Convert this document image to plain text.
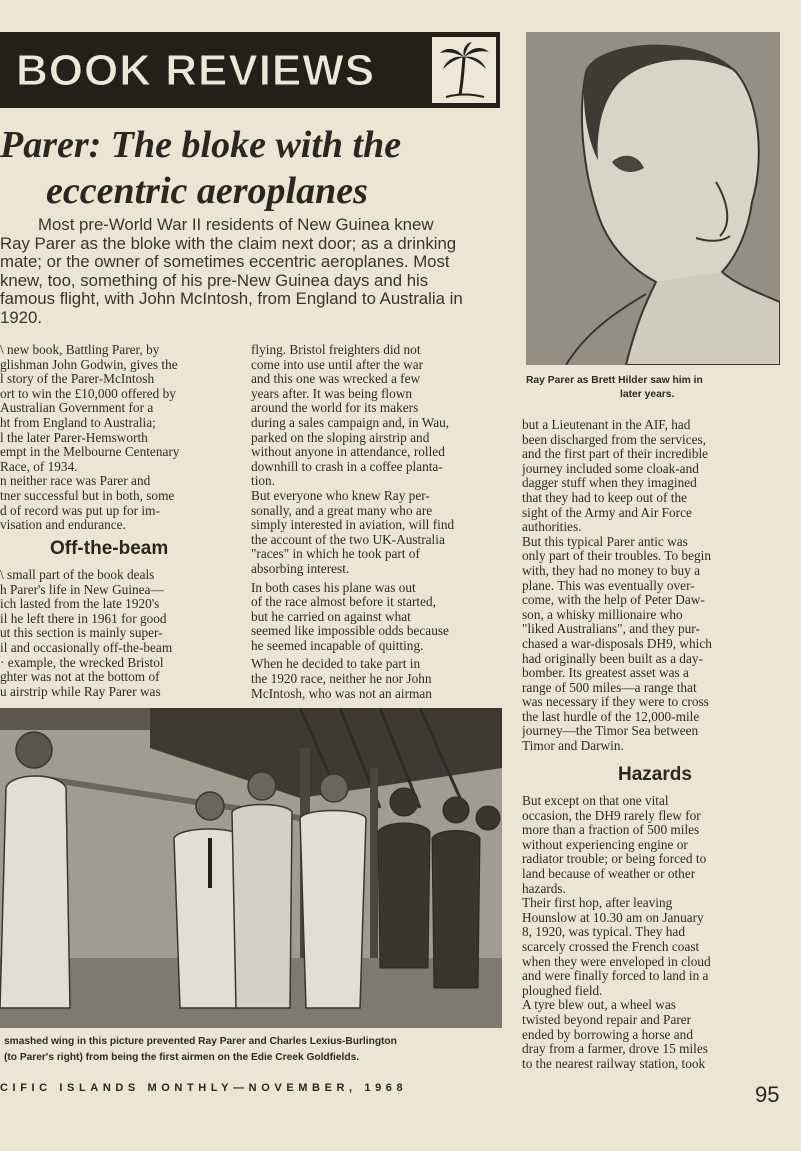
BOOK REVIEWS
Parer: The bloke with the
eccentric aeroplanes
Most pre-World War II residents of New Guinea knew
Ray Parer as the bloke with the claim next door; as a drinking
mate; or the owner of sometimes eccentric aeroplanes. Most
knew, too, something of his pre-New Guinea days and his
famous flight, with John McIntosh, from England to Australia in
1920.

\ new book, Battling Parer, by

glishman John Godwin, gives the

l story of the Parer-McIntosh

ort to win the £10,000 offered by

Australian Government for a

ht from England to Australia;

l the later Parer-Hemsworth

empt in the Melbourne Centenary

Race, of 1934.

n neither race was Parer and

tner successful but in both, some

d of record was put up for im-

visation and endurance.

Off-the-beam

\ small part of the book deals

h Parer's life in New Guinea—

ich lasted from the late 1920's

il he left there in 1961 for good

ut this section is mainly super-

il and occasionally off-the-beam

· example, the wrecked Bristol

ghter was not at the bottom of

u airstrip while Ray Parer was

flying. Bristol freighters did not

come into use until after the war

and this one was wrecked a few

years after. It was being flown

around the world for its makers

during a sales campaign and, in Wau,

parked on the sloping airstrip and

without anyone in attendance, rolled

downhill to crash in a coffee planta-

tion.

But everyone who knew Ray per-

sonally, and a great many who are

simply interested in aviation, will find

the account of the two UK-Australia

"races" in which he took part of

absorbing interest.

In both cases his plane was out

of the race almost before it started,

but he carried on against what

seemed like impossible odds because

he seemed incapable of quitting.

When he decided to take part in

the 1920 race, neither he nor John

McIntosh, who was not an airman

Ray Parer as Brett Hilder saw him in
later years.

but a Lieutenant in the AIF, had

been discharged from the services,

and the first part of their incredible

journey included some cloak-and

dagger stuff when they imagined

that they had to keep out of the

sight of the Army and Air Force

authorities.

But this typical Parer antic was

only part of their troubles. To begin

with, they had no money to buy a

plane. This was eventually over-

come, with the help of Peter Daw-

son, a whisky millionaire who

"liked Australians", and they pur-

chased a war-disposals DH9, which

had originally been built as a day-

bomber. Its greatest asset was a

range of 500 miles—a range that

was necessary if they were to cross

the last hurdle of the 12,000-mile

journey—the Timor Sea between

Timor and Darwin.

Hazards

But except on that one vital

occasion, the DH9 rarely flew for

more than a fraction of 500 miles

without experiencing engine or

radiator trouble; or being forced to

land because of weather or other

hazards.

Their first hop, after leaving

Hounslow at 10.30 am on January

8, 1920, was typical. They had

scarcely crossed the French coast

when they were enveloped in cloud

and were finally forced to land in a

ploughed field.

A tyre blew out, a wheel was

twisted beyond repair and Parer

ended by borrowing a horse and

dray from a farmer, drove 15 miles

to the nearest railway station, took

smashed wing in this picture prevented Ray Parer and Charles Lexius-Burlington
(to Parer's right) from being the first airmen on the Edie Creek Goldfields.
CIFIC ISLANDS MONTHLY—NOVEMBER, 1968	95
